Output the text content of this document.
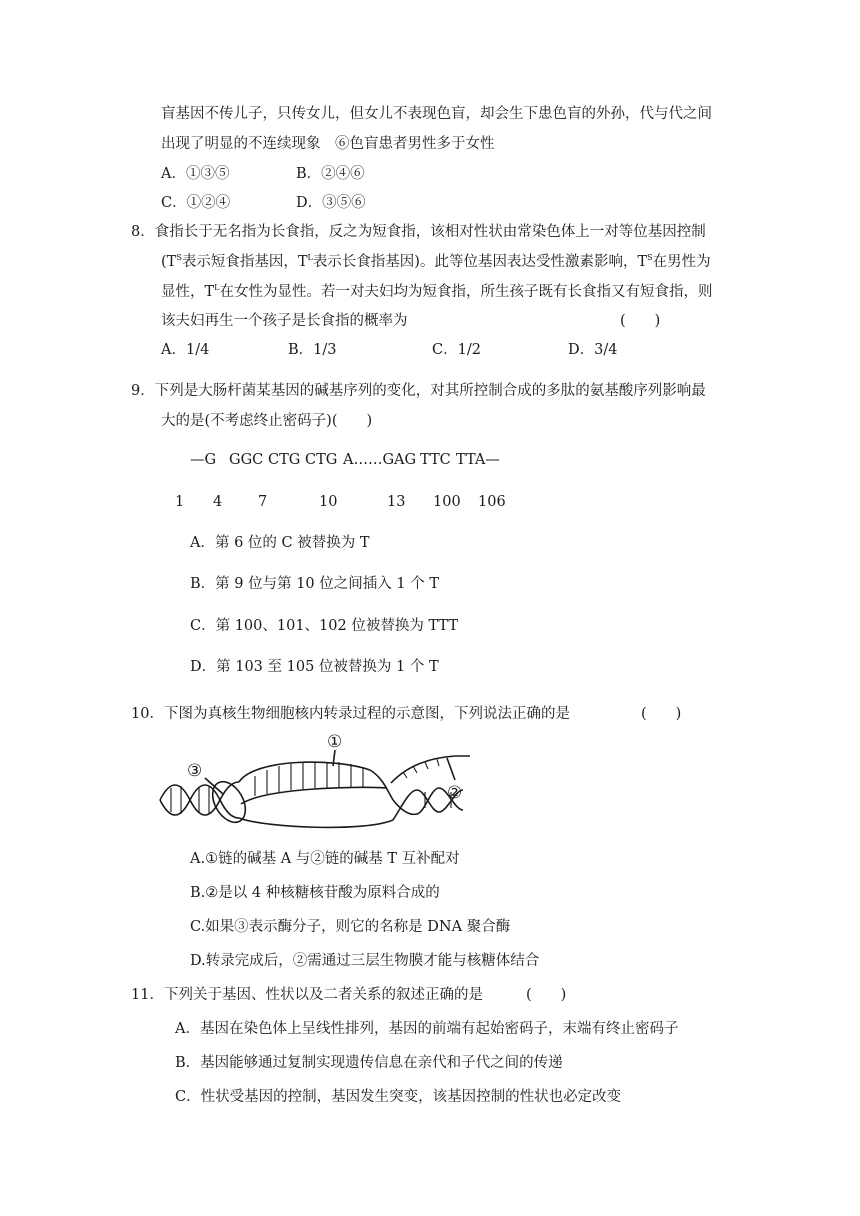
盲基因不传儿子，只传女儿，但女儿不表现色盲，却会生下患色盲的外孙，代与代之间
出现了明显的不连续现象　⑥色盲患者男性多于女性
A．①③⑤	B．②④⑥
C．①②④	D．③⑤⑥
8．食指长于无名指为长食指，反之为短食指，该相对性状由常染色体上一对等位基因控制
($T^S$表示短食指基因，$T^L$表示长食指基因)。此等位基因表达受性激素影响，$T^S$在男性为
显性，$T^L$在女性为显性。若一对夫妇均为短食指，所生孩子既有长食指又有短食指，则
该夫妇再生一个孩子是长食指的概率为	(　　)
A．1/4	B．1/3	C．1/2	D．3/4
9．下列是大肠杆菌某基因的碱基序列的变化，对其所控制合成的多肽的氨基酸序列影响最
大的是(不考虑终止密码子)(　　)
—G GGC CTG CTG A……GAG TTC TTA—
1 4 7	10	13 100 106
A．第 6 位的 C 被替换为 T
B．第 9 位与第 10 位之间插入 1 个 T
C．第 100、101、102 位被替换为 TTT
D．第 103 至 105 位被替换为 1 个 T
10．下图为真核生物细胞核内转录过程的示意图，下列说法正确的是	(　　)
①
②
③
A.①链的碱基 A 与②链的碱基 T 互补配对
B.②是以 4 种核糖核苷酸为原料合成的
C.如果③表示酶分子，则它的名称是 DNA 聚合酶
D.转录完成后，②需通过三层生物膜才能与核糖体结合
11．下列关于基因、性状以及二者关系的叙述正确的是	(　　)
A．基因在染色体上呈线性排列，基因的前端有起始密码子，末端有终止密码子
B．基因能够通过复制实现遗传信息在亲代和子代之间的传递
C．性状受基因的控制，基因发生突变，该基因控制的性状也必定改变
